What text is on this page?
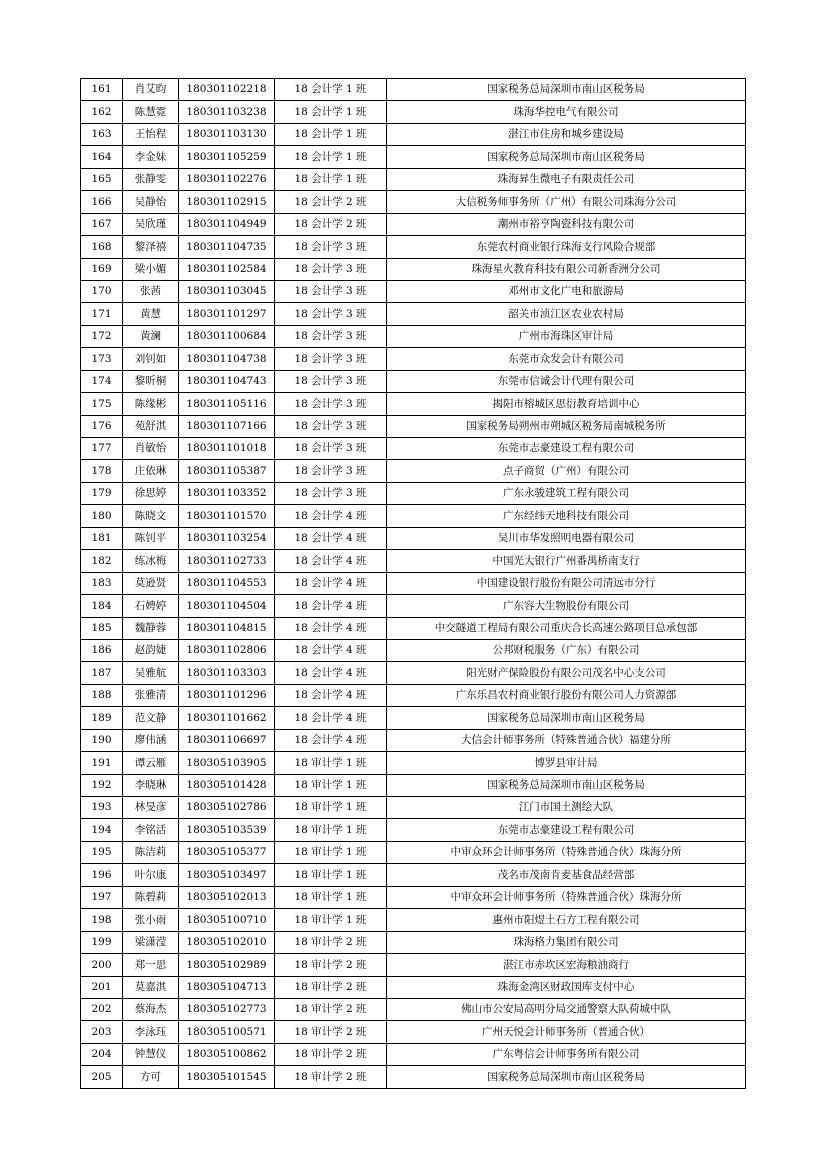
161	肖艾昀	180301102218	18 会计学 1 班	国家税务总局深圳市南山区税务局
162	陈慧霓	180301103238	18 会计学 1 班	珠海华控电气有限公司
163	王怡程	180301103130	18 会计学 1 班	湛江市住房和城乡建设局
164	李金妹	180301105259	18 会计学 1 班	国家税务总局深圳市南山区税务局
165	张静雯	180301102276	18 会计学 1 班	珠海昇生微电子有限责任公司
166	吴静怡	180301102915	18 会计学 2 班	大信税务师事务所（广州）有限公司珠海分公司
167	吴欣瑾	180301104949	18 会计学 2 班	潮州市裕亨陶瓷科技有限公司
168	黎泽禧	180301104735	18 会计学 3 班	东莞农村商业银行珠海支行风险合规部
169	梁小媚	180301102584	18 会计学 3 班	珠海星火教育科技有限公司新香洲分公司
170	张茜	180301103045	18 会计学 3 班	邓州市文化广电和旅游局
171	黄慧	180301101297	18 会计学 3 班	韶关市浈江区农业农村局
172	黄澜	180301100684	18 会计学 3 班	广州市海珠区审计局
173	刘钊如	180301104738	18 会计学 3 班	东莞市众发会计有限公司
174	黎昕桐	180301104743	18 会计学 3 班	东莞市信诚会计代理有限公司
175	陈缘彬	180301105116	18 会计学 3 班	揭阳市榕城区思衍教育培训中心
176	苑舒淇	180301107166	18 会计学 3 班	国家税务局朔州市朔城区税务局南城税务所
177	肖敏怡	180301101018	18 会计学 3 班	东莞市志豪建设工程有限公司
178	庄依琳	180301105387	18 会计学 3 班	点子商贸（广州）有限公司
179	徐思婷	180301103352	18 会计学 3 班	广东永骏建筑工程有限公司
180	陈晓文	180301101570	18 会计学 4 班	广东经纬天地科技有限公司
181	陈钊平	180301103254	18 会计学 4 班	吴川市华发照明电器有限公司
182	练冰梅	180301102733	18 会计学 4 班	中国光大银行广州番禺桥南支行
183	莫逊贤	180301104553	18 会计学 4 班	中国建设银行股份有限公司清远市分行
184	石娉婷	180301104504	18 会计学 4 班	广东容大生物股份有限公司
185	魏静蓉	180301104815	18 会计学 4 班	中交隧道工程局有限公司重庆合长高速公路项目总承包部
186	赵韵婕	180301102806	18 会计学 4 班	公邦财税服务（广东）有限公司
187	吴雅航	180301103303	18 会计学 4 班	阳光财产保险股份有限公司茂名中心支公司
188	张雅清	180301101296	18 会计学 4 班	广东乐昌农村商业银行股份有限公司人力资源部
189	范文静	180301101662	18 会计学 4 班	国家税务总局深圳市南山区税务局
190	廖伟涵	180301106697	18 会计学 4 班	大信会计师事务所（特殊普通合伙）福建分所
191	谭云雁	180305103905	18 审计学 1 班	博罗县审计局
192	李晓琳	180305101428	18 审计学 1 班	国家税务总局深圳市南山区税务局
193	林旻彦	180305102786	18 审计学 1 班	江门市国土测绘大队
194	李铭活	180305103539	18 审计学 1 班	东莞市志豪建设工程有限公司
195	陈洁莉	180305105377	18 审计学 1 班	中审众环会计师事务所（特殊普通合伙）珠海分所
196	叶尔康	180305103497	18 审计学 1 班	茂名市茂南肯麦基食品经营部
197	陈碧莉	180305102013	18 审计学 1 班	中审众环会计师事务所（特殊普通合伙）珠海分所
198	张小雨	180305100710	18 审计学 1 班	惠州市阳煜土石方工程有限公司
199	梁潇滢	180305102010	18 审计学 2 班	珠海格力集团有限公司
200	郑一思	180305102989	18 审计学 2 班	湛江市赤坎区宏海粮油商行
201	莫嘉淇	180305104713	18 审计学 2 班	珠海金湾区财政国库支付中心
202	蔡海杰	180305102773	18 审计学 2 班	佛山市公安局高明分局交通警察大队荷城中队
203	李泳珏	180305100571	18 审计学 2 班	广州天悦会计师事务所（普通合伙）
204	钟慧仪	180305100862	18 审计学 2 班	广东粤信会计师事务所有限公司
205	方可	180305101545	18 审计学 2 班	国家税务总局深圳市南山区税务局
